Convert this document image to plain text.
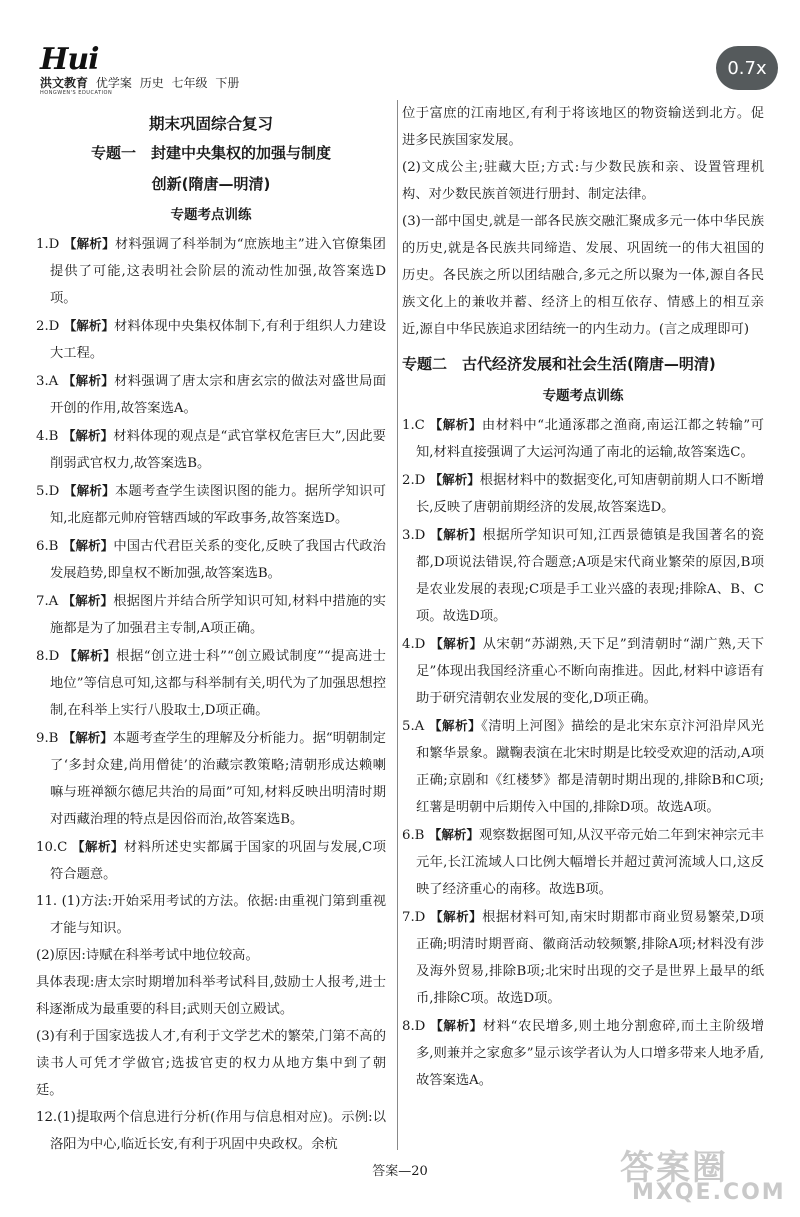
Hui
洪文教育 优学案 历史 七年级 下册
HONGWEN'S EDUCATION
0.7x
期末巩固综合复习
专题一　封建中央集权的加强与制度
创新(隋唐—明清)
专题考点训练
1.D 【解析】材料强调了科举制为“庶族地主”进入官僚集团提供了可能,这表明社会阶层的流动性加强,故答案选D项。
2.D 【解析】材料体现中央集权体制下,有利于组织人力建设大工程。
3.A 【解析】材料强调了唐太宗和唐玄宗的做法对盛世局面开创的作用,故答案选A。
4.B 【解析】材料体现的观点是“武官掌权危害巨大”,因此要削弱武官权力,故答案选B。
5.D 【解析】本题考查学生读图识图的能力。据所学知识可知,北庭都元帅府管辖西域的军政事务,故答案选D。
6.B 【解析】中国古代君臣关系的变化,反映了我国古代政治发展趋势,即皇权不断加强,故答案选B。
7.A 【解析】根据图片并结合所学知识可知,材料中措施的实施都是为了加强君主专制,A项正确。
8.D 【解析】根据“创立进士科”“创立殿试制度”“提高进士地位”等信息可知,这都与科举制有关,明代为了加强思想控制,在科举上实行八股取士,D项正确。
9.B 【解析】本题考查学生的理解及分析能力。据“明朝制定了‘多封众建,尚用僧徒’的治藏宗教策略;清朝形成达赖喇嘛与班禅额尔德尼共治的局面”可知,材料反映出明清时期对西藏治理的特点是因俗而治,故答案选B。
10.C 【解析】材料所述史实都属于国家的巩固与发展,C项符合题意。
11. (1)方法:开始采用考试的方法。依据:由重视门第到重视才能与知识。
(2)原因:诗赋在科举考试中地位较高。
具体表现:唐太宗时期增加科举考试科目,鼓励士人报考,进士科逐渐成为最重要的科目;武则天创立殿试。
(3)有利于国家选拔人才,有利于文学艺术的繁荣,门第不高的读书人可凭才学做官;选拔官吏的权力从地方集中到了朝廷。
12.(1)提取两个信息进行分析(作用与信息相对应)。示例:以洛阳为中心,临近长安,有利于巩固中央政权。余杭
位于富庶的江南地区,有利于将该地区的物资输送到北方。促进多民族国家发展。
(2)文成公主;驻藏大臣;方式:与少数民族和亲、设置管理机构、对少数民族首领进行册封、制定法律。
(3)一部中国史,就是一部各民族交融汇聚成多元一体中华民族的历史,就是各民族共同缔造、发展、巩固统一的伟大祖国的历史。各民族之所以团结融合,多元之所以聚为一体,源自各民族文化上的兼收并蓄、经济上的相互依存、情感上的相互亲近,源自中华民族追求团结统一的内生动力。(言之成理即可)
专题二　古代经济发展和社会生活(隋唐—明清)
专题考点训练
1.C 【解析】由材料中“北通涿郡之渔商,南运江都之转输”可知,材料直接强调了大运河沟通了南北的运输,故答案选C。
2.D 【解析】根据材料中的数据变化,可知唐朝前期人口不断增长,反映了唐朝前期经济的发展,故答案选D。
3.D 【解析】根据所学知识可知,江西景德镇是我国著名的瓷都,D项说法错误,符合题意;A项是宋代商业繁荣的原因,B项是农业发展的表现;C项是手工业兴盛的表现;排除A、B、C项。故选D项。
4.D 【解析】从宋朝“苏湖熟,天下足”到清朝时“湖广熟,天下足”体现出我国经济重心不断向南推进。因此,材料中谚语有助于研究清朝农业发展的变化,D项正确。
5.A 【解析】《清明上河图》描绘的是北宋东京汴河沿岸风光和繁华景象。蹴鞠表演在北宋时期是比较受欢迎的活动,A项正确;京剧和《红楼梦》都是清朝时期出现的,排除B和C项;红薯是明朝中后期传入中国的,排除D项。故选A项。
6.B 【解析】观察数据图可知,从汉平帝元始二年到宋神宗元丰元年,长江流域人口比例大幅增长并超过黄河流域人口,这反映了经济重心的南移。故选B项。
7.D 【解析】根据材料可知,南宋时期都市商业贸易繁荣,D项正确;明清时期晋商、徽商活动较频繁,排除A项;材料没有涉及海外贸易,排除B项;北宋时出现的交子是世界上最早的纸币,排除C项。故选D项。
8.D 【解析】材料“农民增多,则土地分割愈碎,而土主阶级增多,则兼并之家愈多”显示该学者认为人口增多带来人地矛盾,故答案选A。
答案—20	答案圈
MXQE.COM
